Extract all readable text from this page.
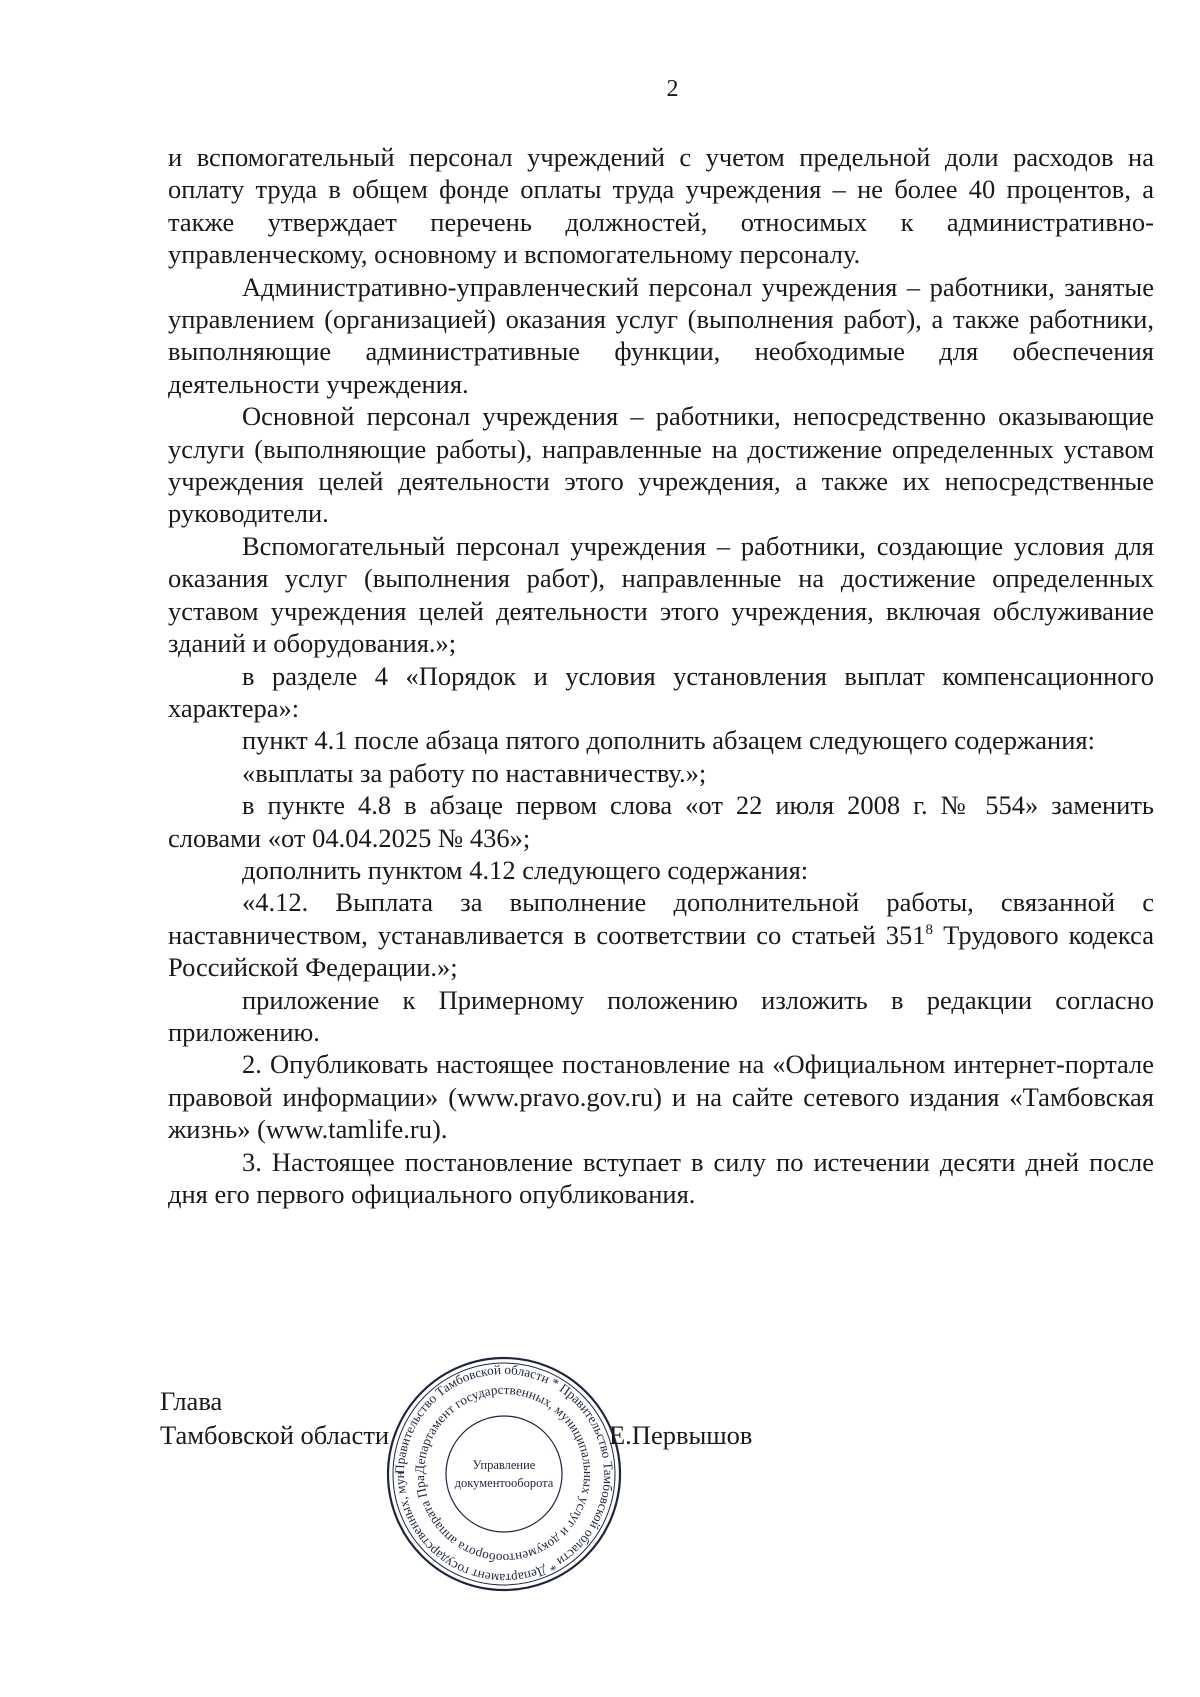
2

и вспомогательный персонал учреждений с учетом предельной доли расходов на оплату труда в общем фонде оплаты труда учреждения – не более 40 процентов, а также утверждает перечень должностей, относимых к административно-управленческому, основному и вспомогательному персоналу.

Административно-управленческий персонал учреждения – работники, занятые управлением (организацией) оказания услуг (выполнения работ), а также работники, выполняющие административные функции, необходимые для обеспечения деятельности учреждения.

Основной персонал учреждения – работники, непосредственно оказывающие услуги (выполняющие работы), направленные на достижение определенных уставом учреждения целей деятельности этого учреждения, а также их непосредственные руководители.

Вспомогательный персонал учреждения – работники, создающие условия для оказания услуг (выполнения работ), направленные на достижение определенных уставом учреждения целей деятельности этого учреждения, включая обслуживание зданий и оборудования.»;

в разделе 4 «Порядок и условия установления выплат компенсационного характера»:

пункт 4.1 после абзаца пятого дополнить абзацем следующего содержания:

«выплаты за работу по наставничеству.»;

в пункте 4.8 в абзаце первом слова «от 22 июля 2008 г. № 554» заменить словами «от 04.04.2025 № 436»;

дополнить пунктом 4.12 следующего содержания:

«4.12. Выплата за выполнение дополнительной работы, связанной с наставничеством, устанавливается в соответствии со статьей $351^8$ Трудового кодекса Российской Федерации.»;

приложение к Примерному положению изложить в редакции согласно приложению.

2. Опубликовать настоящее постановление на «Официальном интернет-портале правовой информации» (www.pravo.gov.ru) и на сайте сетевого издания «Тамбовская жизнь» (www.tamlife.ru).

3. Настоящее постановление вступает в силу по истечении десяти дней после дня его первого официального опубликования.

Глава
Тамбовской области
Правительство Тамбовской области * Правительство Тамбовской области * Департамент государственных, мун
Департамент государственных, муниципальных услуг и документооборота аппарата Пра
Управление
документооборота
Е.Первышов
